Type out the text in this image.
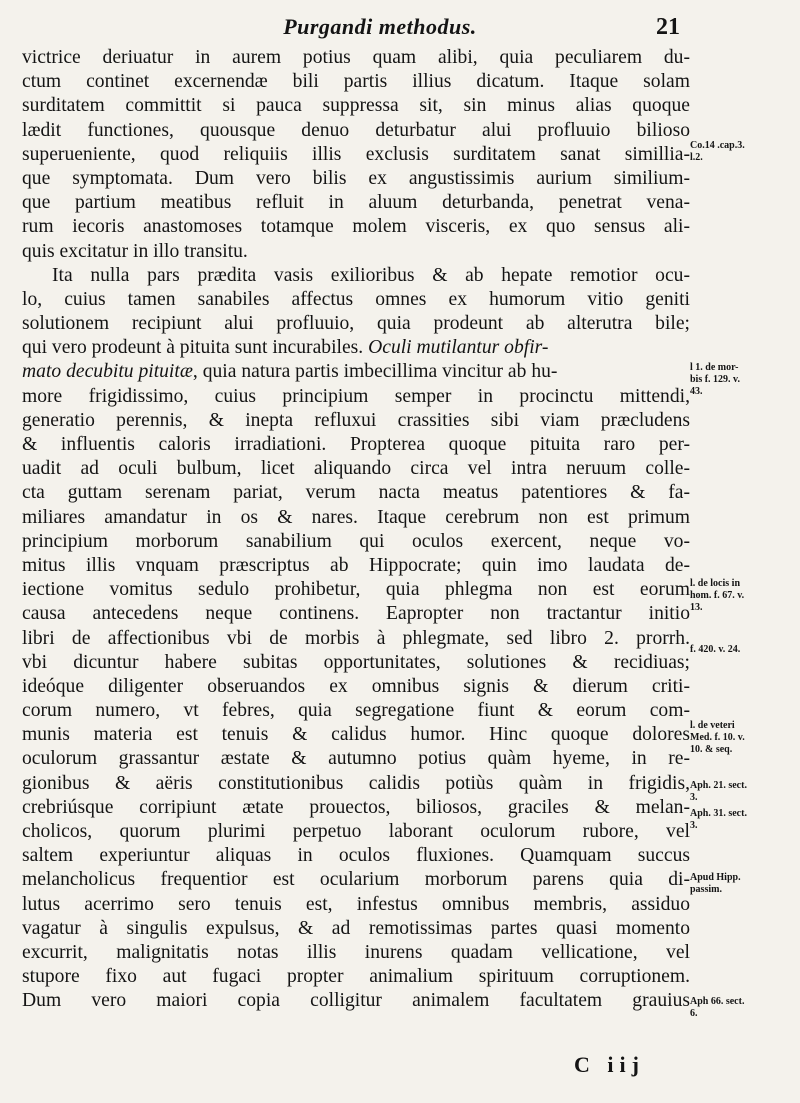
Purgandi methodus.	21
victrice deriuatur in aurem potius quam alibi, quia peculiarem du-
ctum continet excernendæ bili partis illius dicatum. Itaque solam
surditatem committit si pauca suppressa sit, sin minus alias quoque
lædit functiones, quousque denuo deturbatur alui profluuio bilioso
superueniente, quod reliquiis illis exclusis surditatem sanat simillia-
que symptomata. Dum vero bilis ex angustissimis aurium similium-
que partium meatibus refluit in aluum deturbanda, penetrat vena-
rum iecoris anastomoses totamque molem visceris, ex quo sensus ali-
quis excitatur in illo transitu.
Ita nulla pars prædita vasis exilioribus & ab hepate remotior ocu-
lo, cuius tamen sanabiles affectus omnes ex humorum vitio geniti
solutionem recipiunt alui profluuio, quia prodeunt ab alterutra bile;
qui vero prodeunt à pituita sunt incurabiles. Oculi mutilantur obfir-
mato decubitu pituitæ, quia natura partis imbecillima vincitur ab hu-
more frigidissimo, cuius principium semper in procinctu mittendi,
generatio perennis, & inepta refluxui crassities sibi viam præcludens
& influentis caloris irradiationi. Propterea quoque pituita raro per-
uadit ad oculi bulbum, licet aliquando circa vel intra neruum colle-
cta guttam serenam pariat, verum nacta meatus patentiores & fa-
miliares amandatur in os & nares. Itaque cerebrum non est primum
principium morborum sanabilium qui oculos exercent, neque vo-
mitus illis vnquam præscriptus ab Hippocrate; quin imo laudata de-
iectione vomitus sedulo prohibetur, quia phlegma non est eorum
causa antecedens neque continens. Eapropter non tractantur initio
libri de affectionibus vbi de morbis à phlegmate, sed libro 2. prorrh.
vbi dicuntur habere subitas opportunitates, solutiones & recidiuas;
ideóque diligenter obseruandos ex omnibus signis & dierum criti-
corum numero, vt febres, quia segregatione fiunt & eorum com-
munis materia est tenuis & calidus humor. Hinc quoque dolores
oculorum grassantur æstate & autumno potius quàm hyeme, in re-
gionibus & aëris constitutionibus calidis potiùs quàm in frigidis,
crebriúsque corripiunt ætate prouectos, biliosos, graciles & melan-
cholicos, quorum plurimi perpetuo laborant oculorum rubore, vel
saltem experiuntur aliquas in oculos fluxiones. Quamquam succus
melancholicus frequentior est ocularium morborum parens quia di-
lutus acerrimo sero tenuis est, infestus omnibus membris, assiduo
vagatur à singulis expulsus, & ad remotissimas partes quasi momento
excurrit, malignitatis notas illis inurens quadam vellicatione, vel
stupore fixo aut fugaci propter animalium spirituum corruptionem.
Dum vero maiori copia colligitur animalem facultatem grauius
Co.14 .cap.3.
l.2.
l 1. de mor-
bis f. 129. v.
43.
l. de locis in
hom. f. 67. v.
13.
f. 420. v. 24.
l. de veteri
Med. f. 10. v.
10. & seq.
Aph. 21. sect.
3.
Aph. 31. sect.
3.
Apud Hipp.
passim.
Aph 66. sect.
6.
C iij
